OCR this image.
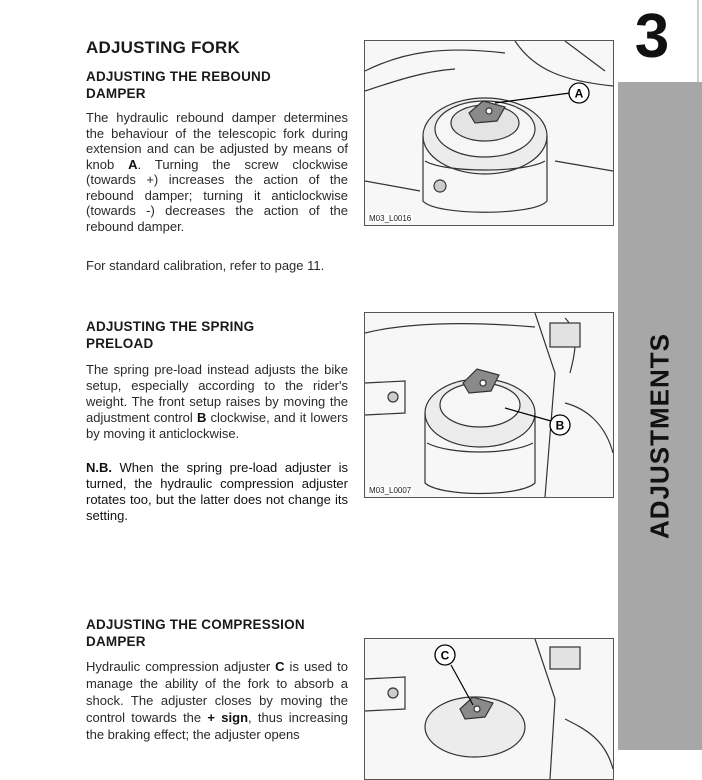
3
ADJUSTMENTS
ADJUSTING FORK
ADJUSTING THE REBOUND
DAMPER
The hydraulic rebound damper determines the behaviour of the telescopic fork during extension and can be adjusted by means of knob A. Turning the screw clockwise (towards +) increases the action of the rebound damper; turning it anticlockwise (towards -) decreases the action of the rebound damper.
For standard calibration, refer to page 11.
ADJUSTING THE SPRING
PRELOAD
The spring pre-load instead adjusts the bike setup, especially according to the rider's weight. The front setup raises by moving the adjustment control B clockwise, and it lowers by moving it anticlockwise.
N.B. When the spring pre-load adjuster is turned, the hydraulic compression adjuster rotates too, but the latter does not change its setting.
ADJUSTING THE COMPRESSION
DAMPER
Hydraulic compression adjuster C is used to manage the ability of the fork to absorb a shock. The adjuster closes by moving the control towards the + sign, thus increasing the braking effect; the adjuster opens
A
M03_L0016
B
M03_L0007
C
